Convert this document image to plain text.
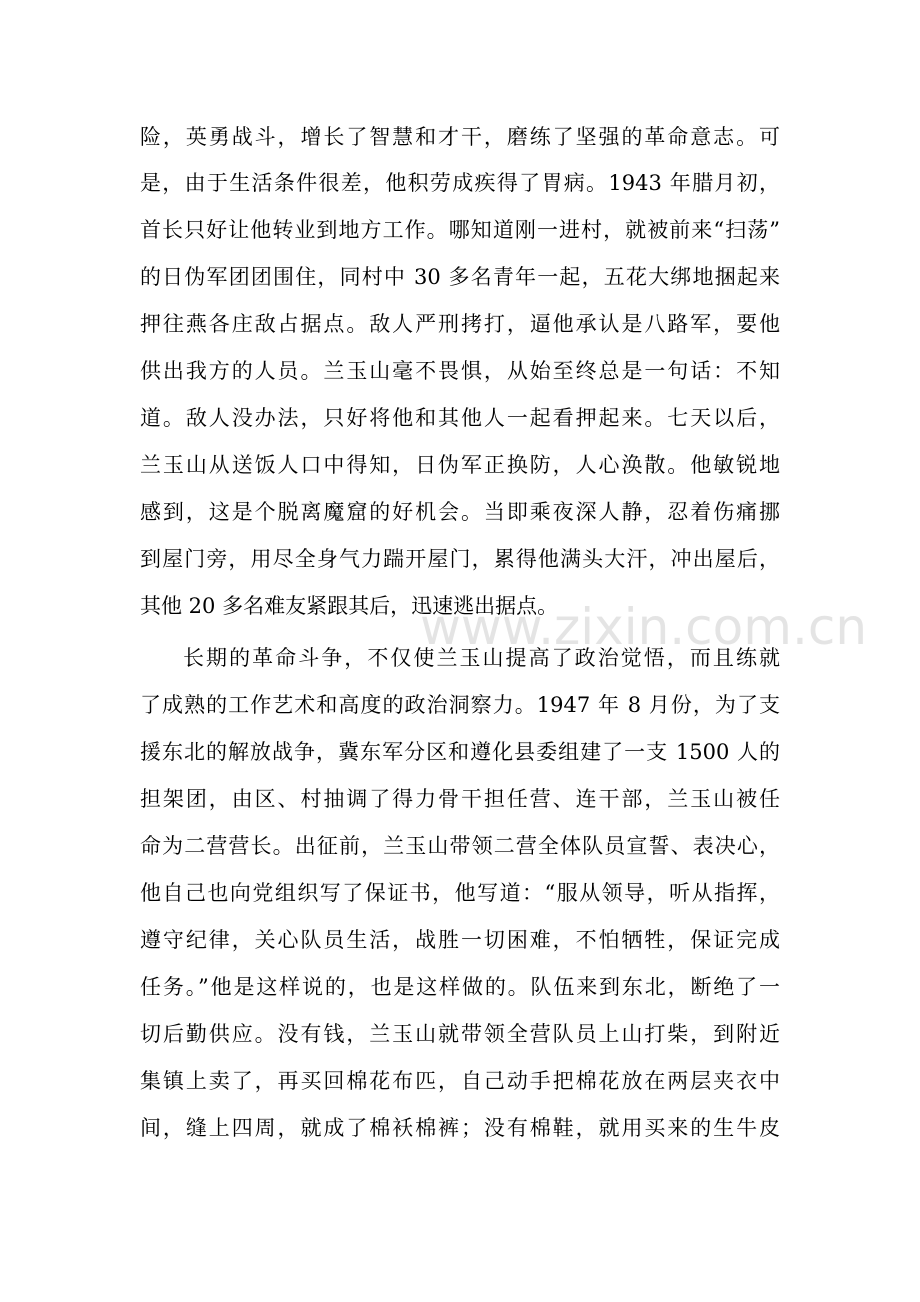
www.zixin.com.cn
险，英勇战斗，增长了智慧和才干，磨练了坚强的革命意志。可
是，由于生活条件很差，他积劳成疾得了胃病。1943 年腊月初，
首长只好让他转业到地方工作。哪知道刚一进村，就被前来“扫荡”
的日伪军团团围住，同村中 30 多名青年一起，五花大绑地捆起来
押往燕各庄敌占据点。敌人严刑拷打，逼他承认是八路军，要他
供出我方的人员。兰玉山毫不畏惧，从始至终总是一句话：不知
道。敌人没办法，只好将他和其他人一起看押起来。七天以后，
兰玉山从送饭人口中得知，日伪军正换防，人心涣散。他敏锐地
感到，这是个脱离魔窟的好机会。当即乘夜深人静，忍着伤痛挪
到屋门旁，用尽全身气力踹开屋门，累得他满头大汗，冲出屋后，
其他 20 多名难友紧跟其后，迅速逃出据点。
长期的革命斗争，不仅使兰玉山提高了政治觉悟，而且练就
了成熟的工作艺术和高度的政治洞察力。1947 年 8 月份，为了支
援东北的解放战争，冀东军分区和遵化县委组建了一支 1500 人的
担架团，由区、村抽调了得力骨干担任营、连干部，兰玉山被任
命为二营营长。出征前，兰玉山带领二营全体队员宣誓、表决心，
他自己也向党组织写了保证书，他写道：“服从领导，听从指挥，
遵守纪律，关心队员生活，战胜一切困难，不怕牺牲，保证完成
任务。”他是这样说的，也是这样做的。队伍来到东北，断绝了一
切后勤供应。没有钱，兰玉山就带领全营队员上山打柴，到附近
集镇上卖了，再买回棉花布匹，自己动手把棉花放在两层夹衣中
间，缝上四周，就成了棉袄棉裤；没有棉鞋，就用买来的生牛皮
